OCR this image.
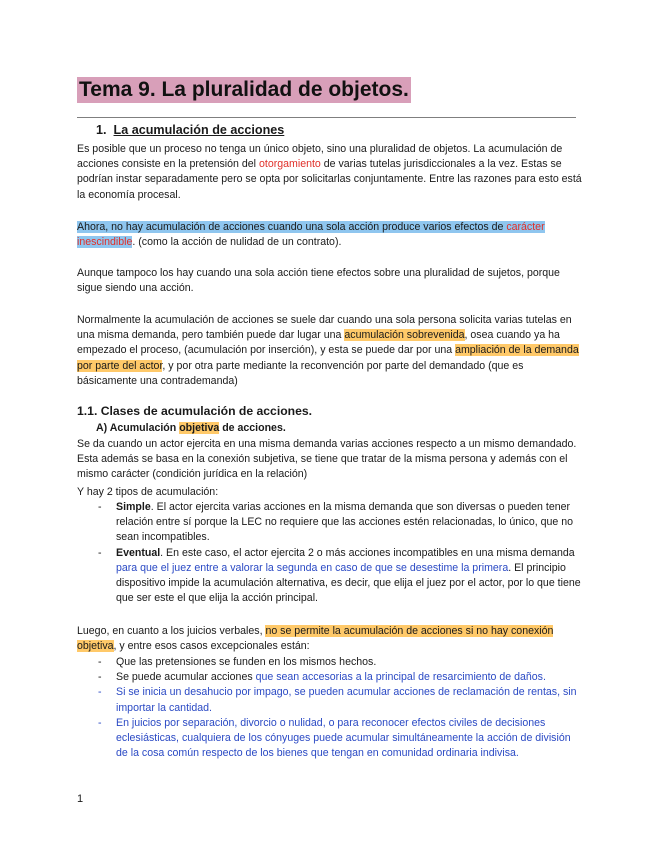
Tema 9. La pluralidad de objetos.
1. La acumulación de acciones
Es posible que un proceso no tenga un único objeto, sino una pluralidad de objetos. La acumulación de acciones consiste en la pretensión del otorgamiento de varias tutelas jurisdiccionales a la vez. Estas se podrían instar separadamente pero se opta por solicitarlas conjuntamente. Entre las razones para esto está la economía procesal.
Ahora, no hay acumulación de acciones cuando una sola acción produce varios efectos de carácter inescindible. (como la acción de nulidad de un contrato).
Aunque tampoco los hay cuando una sola acción tiene efectos sobre una pluralidad de sujetos, porque sigue siendo una acción.
Normalmente la acumulación de acciones se suele dar cuando una sola persona solicita varias tutelas en una misma demanda, pero también puede dar lugar una acumulación sobrevenida, osea cuando ya ha empezado el proceso, (acumulación por inserción), y esta se puede dar por una ampliación de la demanda por parte del actor, y por otra parte mediante la reconvención por parte del demandado (que es básicamente una contrademanda)
1.1. Clases de acumulación de acciones.
A) Acumulación objetiva de acciones.
Se da cuando un actor ejercita en una misma demanda varias acciones respecto a un mismo demandado. Esta además se basa en la conexión subjetiva, se tiene que tratar de la misma persona y además con el mismo carácter (condición jurídica en la relación)
Y hay 2 tipos de acumulación:
- Simple. El actor ejercita varias acciones en la misma demanda que son diversas o pueden tener relación entre sí porque la LEC no requiere que las acciones estén relacionadas, lo único, que no sean incompatibles.
- Eventual. En este caso, el actor ejercita 2 o más acciones incompatibles en una misma demanda para que el juez entre a valorar la segunda en caso de que se desestime la primera. El principio dispositivo impide la acumulación alternativa, es decir, que elija el juez por el actor, por lo que tiene que ser este el que elija la acción principal.
Luego, en cuanto a los juicios verbales, no se permite la acumulación de acciones si no hay conexión objetiva, y entre esos casos excepcionales están:
- Que las pretensiones se funden en los mismos hechos.
- Se puede acumular acciones que sean accesorias a la principal de resarcimiento de daños.
- Si se inicia un desahucio por impago, se pueden acumular acciones de reclamación de rentas, sin importar la cantidad.
- En juicios por separación, divorcio o nulidad, o para reconocer efectos civiles de decisiones eclesiásticas, cualquiera de los cónyuges puede acumular simultáneamente la acción de división de la cosa común respecto de los bienes que tengan en comunidad ordinaria indivisa.
1
